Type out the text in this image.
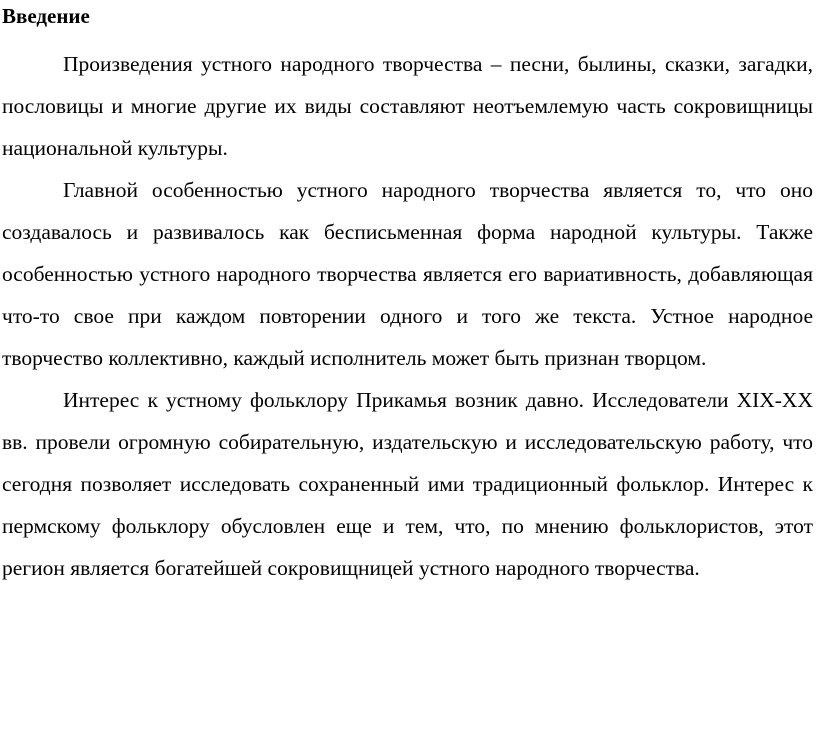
Введение

Произведения устного народного творчества – песни, былины, сказки, загадки, пословицы и многие другие их виды составляют неотъемлемую часть сокровищницы национальной культуры.

Главной особенностью устного народного творчества является то, что оно создавалось и развивалось как бесписьменная форма народной культуры. Также особенностью устного народного творчества является его вариативность, добавляющая что-то свое при каждом повторении одного и того же текста. Устное народное творчество коллективно, каждый исполнитель может быть признан творцом.

Интерес к устному фольклору Прикамья возник давно. Исследователи XIX-XX вв. провели огромную собирательную, издательскую и исследовательскую работу, что сегодня позволяет исследовать сохраненный ими традиционный фольклор. Интерес к пермскому фольклору обусловлен еще и тем, что, по мнению фольклористов, этот регион является богатейшей сокровищницей устного народного творчества.
